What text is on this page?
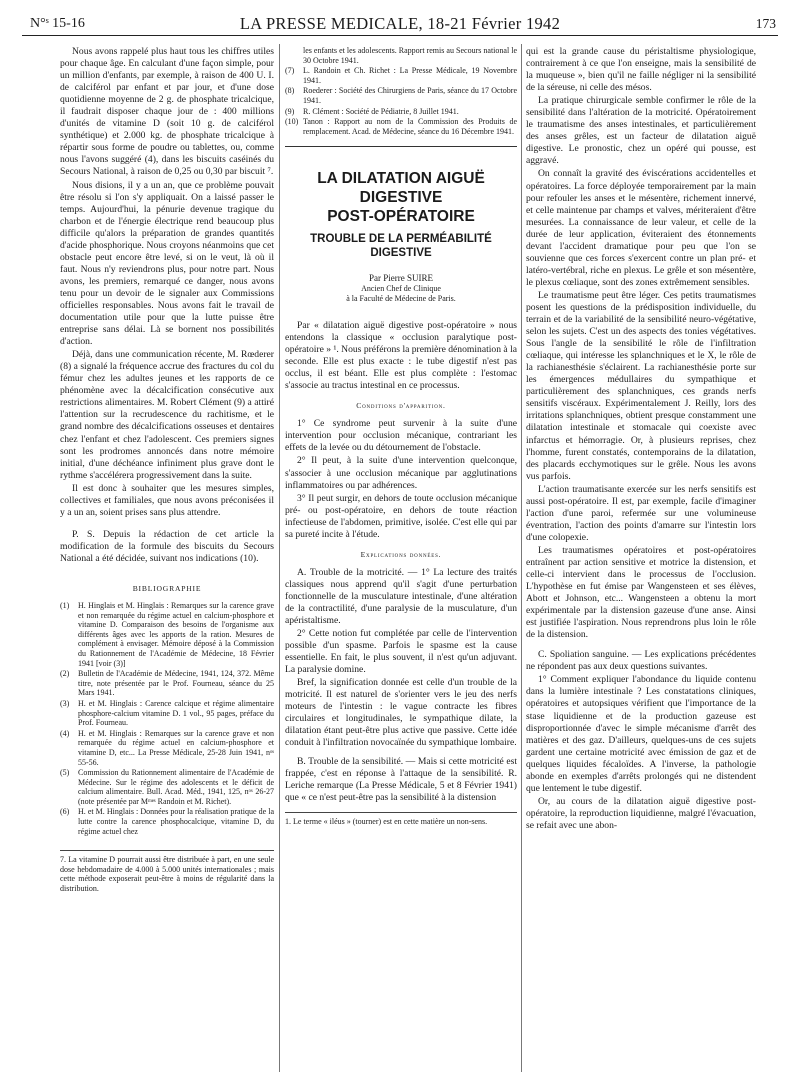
N°ˢ 15-16	LA PRESSE MEDICALE, 18-21 Février 1942	173

Nous avons rappelé plus haut tous les chiffres utiles pour chaque âge. En calculant d'une façon simple, pour un million d'enfants, par exemple, à raison de 400 U. I. de calciférol par enfant et par jour, et d'une dose quotidienne moyenne de 2 g. de phosphate tricalcique, il faudrait disposer chaque jour de : 400 millions d'unités de vitamine D (soit 10 g. de calciférol synthétique) et 2.000 kg. de phosphate tricalcique à répartir sous forme de poudre ou tablettes, ou, comme nous l'avons suggéré (4), dans les biscuits caséinés du Secours National, à raison de 0,25 ou 0,30 par biscuit ⁷.

Nous disions, il y a un an, que ce problème pouvait être résolu si l'on s'y appliquait. On a laissé passer le temps. Aujourd'hui, la pénurie devenue tragique du charbon et de l'énergie électrique rend beaucoup plus difficile qu'alors la préparation de grandes quantités d'acide phosphorique. Nous croyons néanmoins que cet obstacle peut encore être levé, si on le veut, là où il faut. Nous n'y reviendrons plus, pour notre part. Nous avons, les premiers, remarqué ce danger, nous avons tenu pour un devoir de le signaler aux Commissions officielles responsables. Nous avons fait le travail de documentation utile pour que la lutte puisse être entreprise sans délai. Là se bornent nos possibilités d'action.

Déjà, dans une communication récente, M. Rœderer (8) a signalé la fréquence accrue des fractures du col du fémur chez les adultes jeunes et les rapports de ce phénomène avec la décalcification consécutive aux restrictions alimentaires. M. Robert Clément (9) a attiré l'attention sur la recrudescence du rachitisme, et le grand nombre des décalcifications osseuses et dentaires chez l'enfant et chez l'adolescent. Ces premiers signes sont les prodromes annoncés dans notre mémoire initial, d'une déchéance infiniment plus grave dont le rythme s'accélérera progressivement dans la suite.

Il est donc à souhaiter que les mesures simples, collectives et familiales, que nous avons préconisées il y a un an, soient prises sans plus attendre.

P. S. Depuis la rédaction de cet article la modification de la formule des biscuits du Secours National a été décidée, suivant nos indications (10).

BIBLIOGRAPHIE
(1)	H. Hinglais et M. Hinglais : Remarques sur la carence grave et non remarquée du régime actuel en calcium-phosphore et vitamine D. Comparaison des besoins de l'organisme aux différents âges avec les apports de la ration. Mesures de complément à envisager. Mémoire déposé à la Commission du Rationnement de l'Académie de Médecine, 18 Février 1941 [voir (3)]
(2)	Bulletin de l'Académie de Médecine, 1941, 124, 372. Même titre, note présentée par le Prof. Fourneau, séance du 25 Mars 1941.
(3)	H. et M. Hinglais : Carence calcique et régime alimentaire phosphore-calcium vitamine D. 1 vol., 95 pages, préface du Prof. Fourneau.
(4)	H. et M. Hinglais : Remarques sur la carence grave et non remarquée du régime actuel en calcium-phosphore et vitamine D, etc... La Presse Médicale, 25-28 Juin 1941, nᵒˢ 55-56.
(5)	Commission du Rationnement alimentaire de l'Académie de Médecine. Sur le régime des adolescents et le déficit de calcium alimentaire. Bull. Acad. Méd., 1941, 125, nᵒˢ 26-27 (note présentée par Mᵐᵉˢ Randoin et M. Richet).
(6)	H. et M. Hinglais : Données pour la réalisation pratique de la lutte contre la carence phosphocalcique, vitamine D, du régime actuel chez
7. La vitamine D pourrait aussi être distribuée à part, en une seule dose hebdomadaire de 4.000 à 5.000 unités internationales ; mais cette méthode exposerait peut-être à moins de régularité dans la distribution.
les enfants et les adolescents. Rapport remis au Secours national le 30 Octobre 1941.
(7)	L. Randoin et Ch. Richet : La Presse Médicale, 19 Novembre 1941.
(8)	Roederer : Société des Chirurgiens de Paris, séance du 17 Octobre 1941.
(9)	R. Clément : Société de Pédiatrie, 8 Juillet 1941.
(10) Tanon : Rapport au nom de la Commission des Produits de remplacement. Acad. de Médecine, séance du 16 Décembre 1941.
LA DILATATION AIGUË
DIGESTIVE
POST-OPÉRATOIRE
TROUBLE DE LA PERMÉABILITÉ
DIGESTIVE
Par Pierre SUIRE
Ancien Chef de Clinique
à la Faculté de Médecine de Paris.

Par « dilatation aiguë digestive post-opératoire » nous entendons la classique « occlusion paralytique post-opératoire » ¹. Nous préférons la première dénomination à la seconde. Elle est plus exacte : le tube digestif n'est pas occlus, il est béant. Elle est plus complète : l'estomac s'associe au tractus intestinal en ce processus.

Conditions d'apparition.

1° Ce syndrome peut survenir à la suite d'une intervention pour occlusion mécanique, contrariant les effets de la levée ou du détournement de l'obstacle.

2° Il peut, à la suite d'une intervention quelconque, s'associer à une occlusion mécanique par agglutinations inflammatoires ou par adhérences.

3° Il peut surgir, en dehors de toute occlusion mécanique pré- ou post-opératoire, en dehors de toute réaction infectieuse de l'abdomen, primitive, isolée. C'est elle qui par sa pureté incite à l'étude.

Explications données.

A. Trouble de la motricité. — 1° La lecture des traités classiques nous apprend qu'il s'agit d'une perturbation fonctionnelle de la musculature intestinale, d'une altération de la contractilité, d'une paralysie de la musculature, d'un apéristaltisme.

2° Cette notion fut complétée par celle de l'intervention possible d'un spasme. Parfois le spasme est la cause essentielle. En fait, le plus souvent, il n'est qu'un adjuvant. La paralysie domine.

Bref, la signification donnée est celle d'un trouble de la motricité. Il est naturel de s'orienter vers le jeu des nerfs moteurs de l'intestin : le vague contracte les fibres circulaires et longitudinales, le sympathique dilate, la dilatation étant peut-être plus active que passive. Cette idée conduit à l'infiltration novocaïnée du sympathique lombaire.

B. Trouble de la sensibilité. — Mais si cette motricité est frappée, c'est en réponse à l'attaque de la sensibilité. R. Leriche remarque (La Presse Médicale, 5 et 8 Février 1941) que « ce n'est peut-être pas la sensibilité à la distension

1. Le terme « iléus » (tourner) est en cette matière un non-sens.

qui est la grande cause du péristaltisme physiologique, contrairement à ce que l'on enseigne, mais la sensibilité de la muqueuse », bien qu'il ne faille négliger ni la sensibilité de la séreuse, ni celle des mésos.

La pratique chirurgicale semble confirmer le rôle de la sensibilité dans l'altération de la motricité. Opératoirement le traumatisme des anses intestinales, et particulièrement des anses grêles, est un facteur de dilatation aiguë digestive. Le pronostic, chez un opéré qui pousse, est aggravé.

On connaît la gravité des éviscérations accidentelles et opératoires. La force déployée temporairement par la main pour refouler les anses et le mésentère, richement innervé, et celle maintenue par champs et valves, mériteraient d'être mesurées. La connaissance de leur valeur, et celle de la durée de leur application, éviteraient des étonnements devant l'accident dramatique pour peu que l'on se souvienne que ces forces s'exercent contre un plan pré- et latéro-vertébral, riche en plexus. Le grêle et son mésentère, le plexus cœliaque, sont des zones extrêmement sensibles.

Le traumatisme peut être léger. Ces petits traumatismes posent les questions de la prédisposition individuelle, du terrain et de la variabilité de la sensibilité neuro-végétative, selon les sujets. C'est un des aspects des tonies végétatives. Sous l'angle de la sensibilité le rôle de l'infiltration cœliaque, qui intéresse les splanchniques et le X, le rôle de la rachianesthésie s'éclairent. La rachianesthésie porte sur les émergences médullaires du sympathique et particulièrement des splanchniques, ces grands nerfs sensitifs viscéraux. Expérimentalement J. Reilly, lors des irritations splanchniques, obtient presque constamment une dilatation intestinale et stomacale qui coexiste avec infarctus et hémorragie. Or, à plusieurs reprises, chez l'homme, furent constatés, contemporains de la dilatation, des placards ecchymotiques sur le grêle. Nous les avons vus parfois.

L'action traumatisante exercée sur les nerfs sensitifs est aussi post-opératoire. Il est, par exemple, facile d'imaginer l'action d'une paroi, refermée sur une volumineuse éventration, l'action des points d'amarre sur l'intestin lors d'une colopexie.

Les traumatismes opératoires et post-opératoires entraînent par action sensitive et motrice la distension, et celle-ci intervient dans le processus de l'occlusion. L'hypothèse en fut émise par Wangensteen et ses élèves, Abott et Johnson, etc... Wangensteen a obtenu la mort expérimentale par la distension gazeuse d'une anse. Ainsi est justifiée l'aspiration. Nous reprendrons plus loin le rôle de la distension.

C. Spoliation sanguine. — Les explications précédentes ne répondent pas aux deux questions suivantes.

1° Comment expliquer l'abondance du liquide contenu dans la lumière intestinale ? Les constatations cliniques, opératoires et autopsiques vérifient que l'importance de la stase liquidienne et de la production gazeuse est disproportionnée d'avec le simple mécanisme d'arrêt des matières et des gaz. D'ailleurs, quelques-uns de ces sujets gardent une certaine motricité avec émission de gaz et de quelques liquides fécaloïdes. A l'inverse, la pathologie abonde en exemples d'arrêts prolongés qui ne distendent que lentement le tube digestif.

Or, au cours de la dilatation aiguë digestive post-opératoire, la reproduction liquidienne, malgré l'évacuation, se refait avec une abon-
